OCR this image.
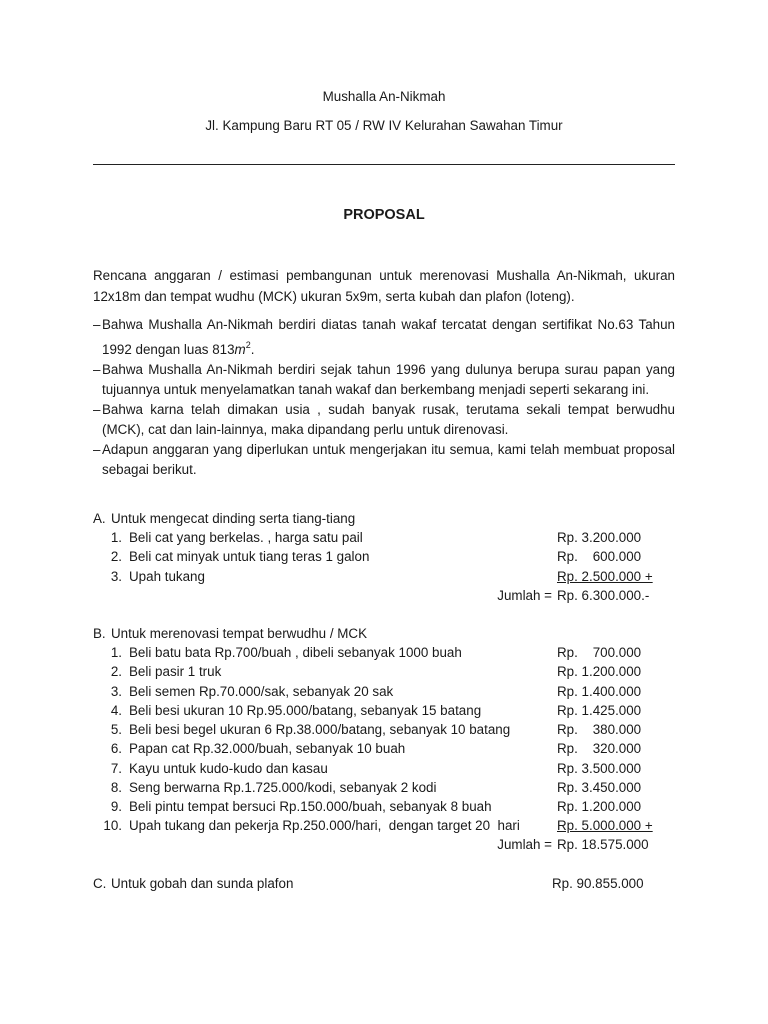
Mushalla An-Nikmah
Jl. Kampung Baru RT 05 / RW IV Kelurahan Sawahan Timur
PROPOSAL
Rencana anggaran / estimasi pembangunan untuk merenovasi Mushalla An-Nikmah, ukuran 12x18m dan tempat wudhu (MCK) ukuran 5x9m, serta kubah dan plafon (loteng).
– Bahwa Mushalla An-Nikmah berdiri diatas tanah wakaf tercatat dengan sertifikat No.63 Tahun 1992 dengan luas $813m^2$.
– Bahwa Mushalla An-Nikmah berdiri sejak tahun 1996 yang dulunya berupa surau papan yang tujuannya untuk menyelamatkan tanah wakaf dan berkembang menjadi seperti sekarang ini.
– Bahwa karna telah dimakan usia , sudah banyak rusak, terutama sekali tempat berwudhu (MCK), cat dan lain-lainnya, maka dipandang perlu untuk direnovasi.
– Adapun anggaran yang diperlukan untuk mengerjakan itu semua, kami telah membuat proposal sebagai berikut.
A. Untuk mengecat dinding serta tiang-tiang
1. Beli cat yang berkelas. , harga satu pail	Rp. 3.200.000
2. Beli cat minyak untuk tiang teras 1 galon	Rp.    600.000
3. Upah tukang	Rp. 2.500.000 +
Jumlah = Rp. 6.300.000.-
B. Untuk merenovasi tempat berwudhu / MCK
1. Beli batu bata Rp.700/buah , dibeli sebanyak 1000 buah	Rp.    700.000
2. Beli pasir 1 truk	Rp. 1.200.000
3. Beli semen Rp.70.000/sak, sebanyak 20 sak	Rp. 1.400.000
4. Beli besi ukuran 10 Rp.95.000/batang, sebanyak 15 batang	Rp. 1.425.000
5. Beli besi begel ukuran 6 Rp.38.000/batang, sebanyak 10 batang	Rp.    380.000
6. Papan cat Rp.32.000/buah, sebanyak 10 buah	Rp.    320.000
7. Kayu untuk kudo-kudo dan kasau	Rp. 3.500.000
8. Seng berwarna Rp.1.725.000/kodi, sebanyak 2 kodi	Rp. 3.450.000
9. Beli pintu tempat bersuci Rp.150.000/buah, sebanyak 8 buah	Rp. 1.200.000
10. Upah tukang dan pekerja Rp.250.000/hari,  dengan target 20  hari	Rp. 5.000.000 +
Jumlah = Rp. 18.575.000
C. Untuk gobah dan sunda plafon	Rp. 90.855.000
